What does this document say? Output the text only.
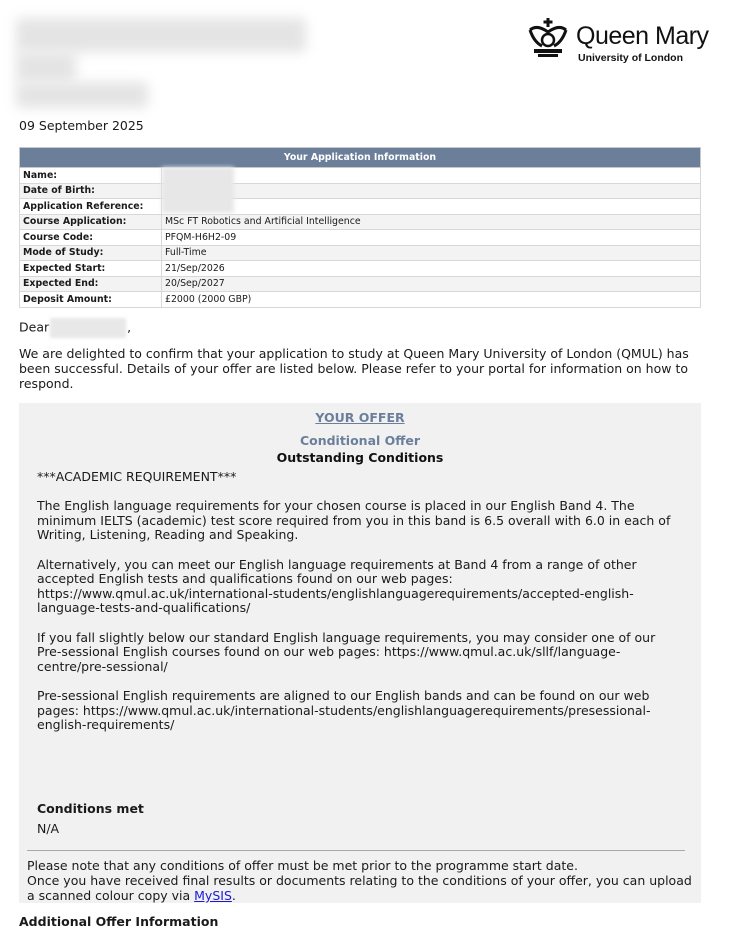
Queen Mary
University of London
09 September 2025
Your Application Information	
Name:	
Date of Birth:	
Application Reference:	
Course Application:	MSc FT Robotics and Artificial Intelligence
Course Code:	PFQM-H6H2-09
Mode of Study:	Full-Time
Expected Start:	21/Sep/2026
Expected End:	20/Sep/2027
Deposit Amount:	£2000 (2000 GBP)
Dear	,

We are delighted to confirm that your application to study at Queen Mary University of London (QMUL) has been successful. Details of your offer are listed below. Please refer to your portal for information on how to respond.

YOUR OFFER
Conditional Offer
Outstanding Conditions

***ACADEMIC REQUIREMENT***

The English language requirements for your chosen course is placed in our English Band 4. The minimum IELTS (academic) test score required from you in this band is 6.5 overall with 6.0 in each of Writing, Listening, Reading and Speaking.

Alternatively, you can meet our English language requirements at Band 4 from a range of other accepted English tests and qualifications found on our web pages: https://www.qmul.ac.uk/international-students/englishlanguagerequirements/accepted-english-language-tests-and-qualifications/

If you fall slightly below our standard English language requirements, you may consider one of our Pre-sessional English courses found on our web pages: https://www.qmul.ac.uk/sllf/language-centre/pre-sessional/

Pre-sessional English requirements are aligned to our English bands and can be found on our web pages: https://www.qmul.ac.uk/international-students/englishlanguagerequirements/presessional-english-requirements/

Conditions met
N/A

Please note that any conditions of offer must be met prior to the programme start date.
Once you have received final results or documents relating to the conditions of your offer, you can upload a scanned colour copy via MySIS.

Additional Offer Information
